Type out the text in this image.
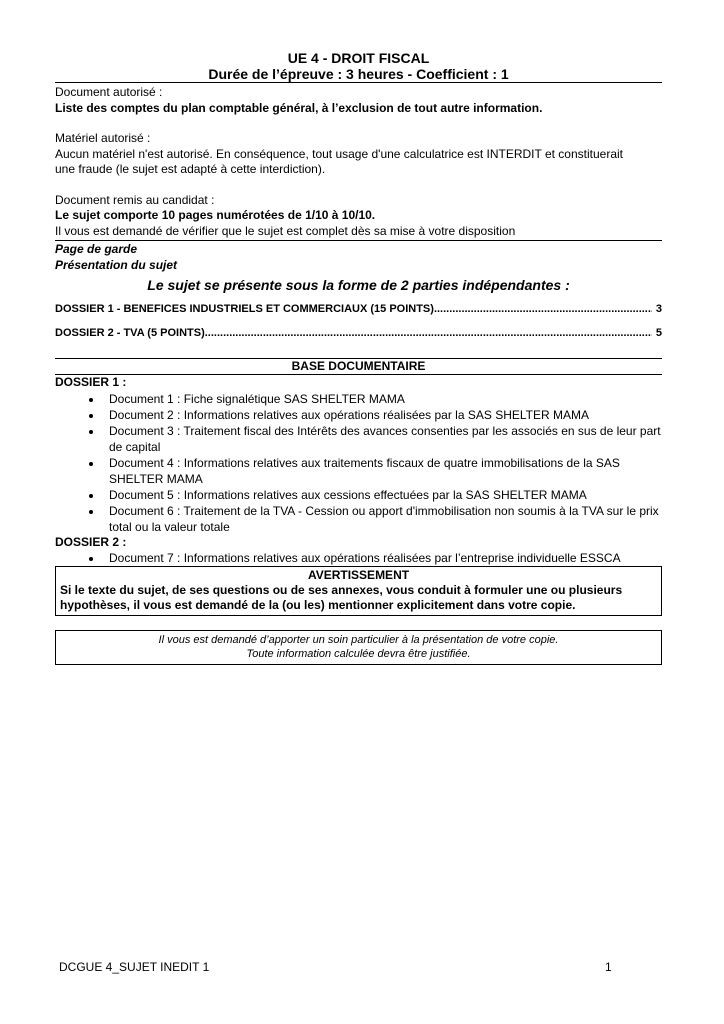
UE 4 - DROIT FISCAL
Durée de l’épreuve : 3 heures - Coefficient : 1
Document autorisé :
Liste des comptes du plan comptable général, à l’exclusion de tout autre information.
Matériel autorisé :
Aucun matériel n'est autorisé. En conséquence, tout usage d'une calculatrice est INTERDIT et constituerait
une fraude (le sujet est adapté à cette interdiction).
Document remis au candidat :
Le sujet comporte 10 pages numérotées de 1/10 à 10/10.
Il vous est demandé de vérifier que le sujet est complet dès sa mise à votre disposition
Page de garde
Présentation du sujet
Le sujet se présente sous la forme de 2 parties indépendantes :
DOSSIER 1 - BENEFICES INDUSTRIELS ET COMMERCIAUX (15 POINTS) .....	3
DOSSIER 2 - TVA (5 POINTS) .....	5
BASE DOCUMENTAIRE
DOSSIER 1 :
• Document 1 : Fiche signalétique SAS SHELTER MAMA
• Document 2 : Informations relatives aux opérations réalisées par la SAS SHELTER MAMA
• Document 3 : Traitement fiscal des Intérêts des avances consenties par les associés en sus de leur part de capital
• Document 4 : Informations relatives aux traitements fiscaux de quatre immobilisations de la SAS SHELTER MAMA
• Document 5 : Informations relatives aux cessions effectuées par la SAS SHELTER MAMA
• Document 6 : Traitement de la TVA - Cession ou apport d'immobilisation non soumis à la TVA sur le prix total ou la valeur totale
DOSSIER 2 :
• Document 7 : Informations relatives aux opérations réalisées par l’entreprise individuelle ESSCA
AVERTISSEMENT
Si le texte du sujet, de ses questions ou de ses annexes, vous conduit à formuler une ou plusieurs hypothèses, il vous est demandé de la (ou les) mentionner explicitement dans votre copie.
Il vous est demandé d’apporter un soin particulier à la présentation de votre copie.
Toute information calculée devra être justifiée.
DCGUE 4_SUJET INEDIT 1	1
